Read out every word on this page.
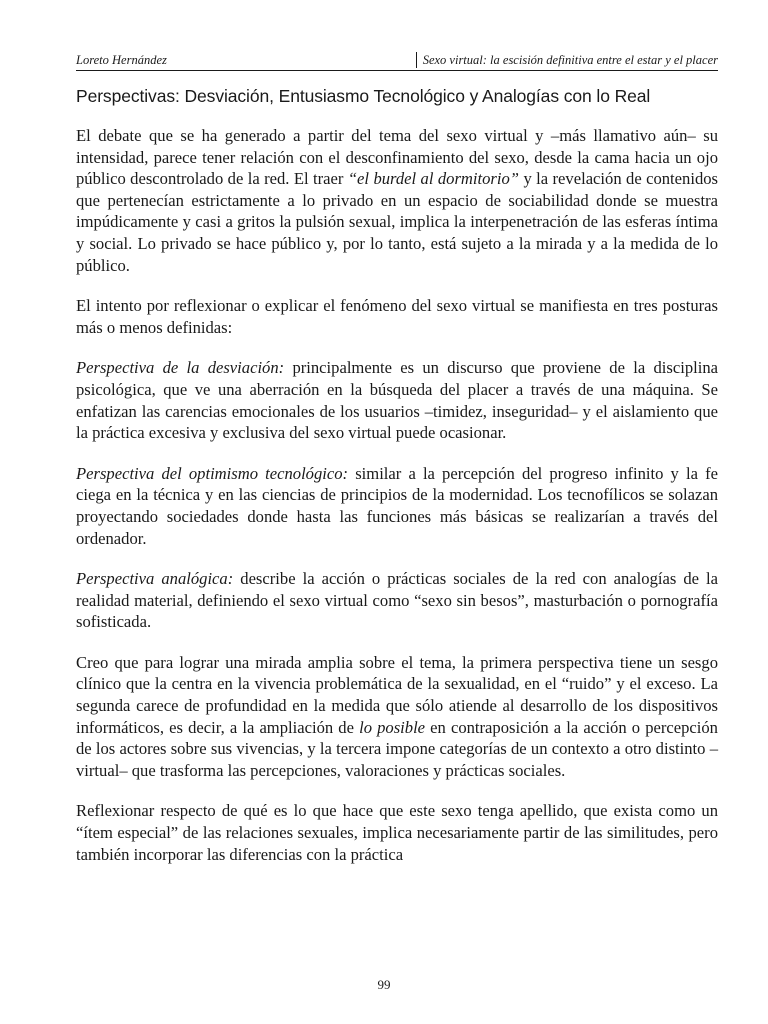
Loreto Hernández	Sexo virtual: la escisión definitiva entre el estar y el placer
Perspectivas: Desviación, Entusiasmo Tecnológico y Analogías con lo Real

El debate que se ha generado a partir del tema del sexo virtual y –más llamativo aún– su intensidad, parece tener relación con el desconfinamiento del sexo, desde la cama hacia un ojo público descontrolado de la red. El traer “el burdel al dormitorio” y la revelación de contenidos que pertenecían estrictamente a lo privado en un espacio de sociabilidad donde se muestra impúdicamente y casi a gritos la pulsión sexual, implica la interpenetración de las esferas íntima y social. Lo privado se hace público y, por lo tanto, está sujeto a la mirada y a la medida de lo público.

El intento por reflexionar o explicar el fenómeno del sexo virtual se manifiesta en tres posturas más o menos definidas:

Perspectiva de la desviación: principalmente es un discurso que proviene de la disciplina psicológica, que ve una aberración en la búsqueda del placer a través de una máquina. Se enfatizan las carencias emocionales de los usuarios –timidez, inseguridad– y el aislamiento que la práctica excesiva y exclusiva del sexo virtual puede ocasionar.

Perspectiva del optimismo tecnológico: similar a la percepción del progreso infinito y la fe ciega en la técnica y en las ciencias de principios de la modernidad. Los tecnofílicos se solazan proyectando sociedades donde hasta las funciones más básicas se realizarían a través del ordenador.

Perspectiva analógica: describe la acción o prácticas sociales de la red con analogías de la realidad material, definiendo el sexo virtual como “sexo sin besos”, masturbación o pornografía sofisticada.

Creo que para lograr una mirada amplia sobre el tema, la primera perspectiva tiene un sesgo clínico que la centra en la vivencia problemática de la sexualidad, en el “ruido” y el exceso. La segunda carece de profundidad en la medida que sólo atiende al desarrollo de los dispositivos informáticos, es decir, a la ampliación de lo posible en contraposición a la acción o percepción de los actores sobre sus vivencias, y la tercera impone categorías de un contexto a otro distinto –virtual– que trasforma las percepciones, valoraciones y prácticas sociales.

Reflexionar respecto de qué es lo que hace que este sexo tenga apellido, que exista como un “ítem especial” de las relaciones sexuales, implica necesariamente partir de las similitudes, pero también incorporar las diferencias con la práctica

99
